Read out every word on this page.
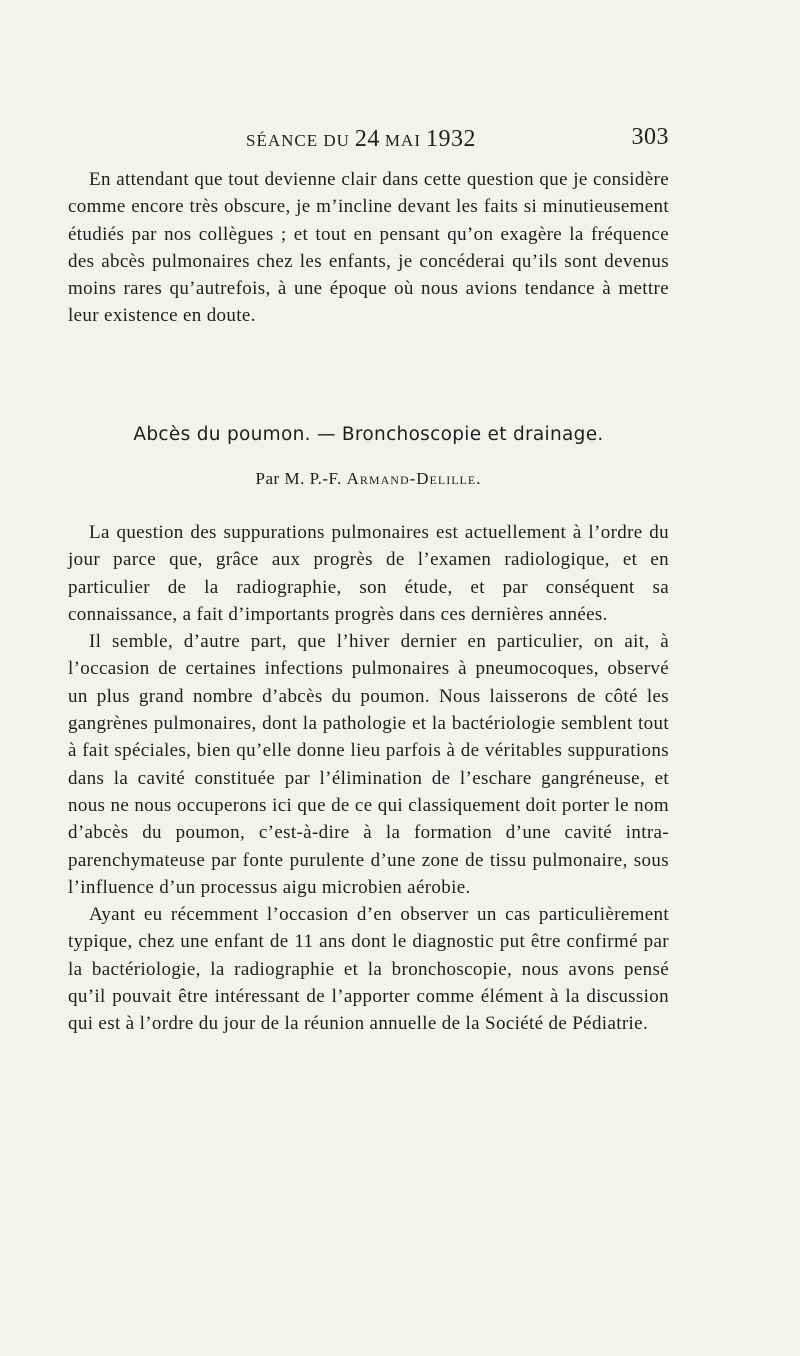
SÉANCE DU 24 MAI 1932	303

En attendant que tout devienne clair dans cette question que je considère comme encore très obscure, je m’incline devant les faits si minutieusement étudiés par nos collègues ; et tout en pensant qu’on exagère la fréquence des abcès pulmonaires chez les enfants, je concéderai qu’ils sont devenus moins rares qu’autrefois, à une époque où nous avions tendance à mettre leur existence en doute.

Abcès du poumon. — Bronchoscopie et drainage.
Par M. P.-F. Armand-Delille.

La question des suppurations pulmonaires est actuellement à l’ordre du jour parce que, grâce aux progrès de l’examen radiologique, et en particulier de la radiographie, son étude, et par conséquent sa connaissance, a fait d’importants progrès dans ces dernières années.

Il semble, d’autre part, que l’hiver dernier en particulier, on ait, à l’occasion de certaines infections pulmonaires à pneumocoques, observé un plus grand nombre d’abcès du poumon. Nous laisserons de côté les gangrènes pulmonaires, dont la pathologie et la bactériologie semblent tout à fait spéciales, bien qu’elle donne lieu parfois à de véritables suppurations dans la cavité constituée par l’élimination de l’eschare gangréneuse, et nous ne nous occuperons ici que de ce qui classiquement doit porter le nom d’abcès du poumon, c’est-à-dire à la formation d’une cavité intra-parenchymateuse par fonte purulente d’une zone de tissu pulmonaire, sous l’influence d’un processus aigu microbien aérobie.

Ayant eu récemment l’occasion d’en observer un cas particulièrement typique, chez une enfant de 11 ans dont le diagnostic put être confirmé par la bactériologie, la radiographie et la bronchoscopie, nous avons pensé qu’il pouvait être intéressant de l’apporter comme élément à la discussion qui est à l’ordre du jour de la réunion annuelle de la Société de Pédiatrie.
